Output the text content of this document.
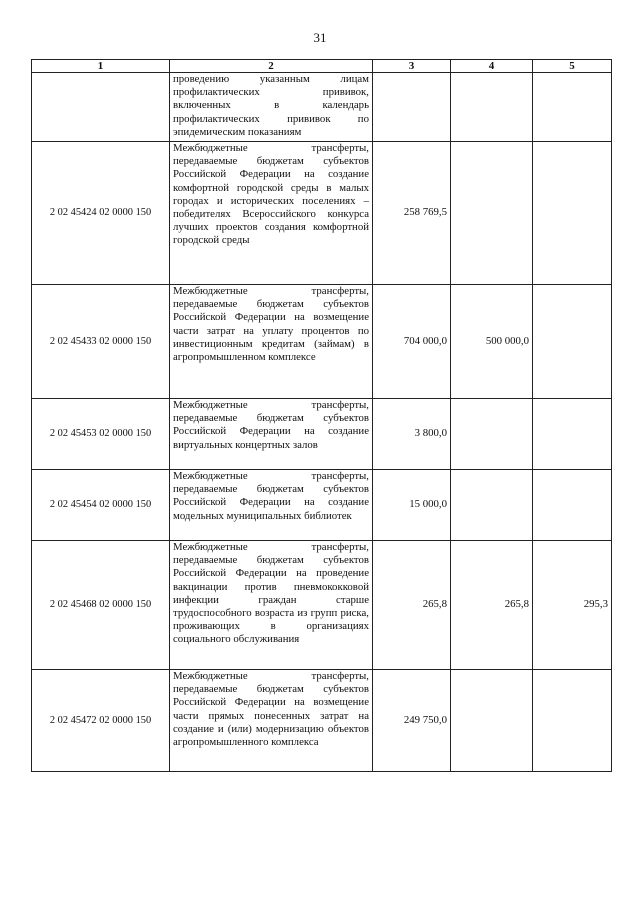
31
1	2	3	4	5
	проведению указанным лицам профилактических прививок, включенных в календарь профилактических прививок по эпидемическим показаниям			
2 02 45424 02 0000 150	Межбюджетные трансферты, передаваемые бюджетам субъектов Российской Федерации на создание комфортной городской среды в малых городах и исторических поселениях – победителях Всероссийского конкурса лучших проектов создания комфортной городской среды	258 769,5		
2 02 45433 02 0000 150	Межбюджетные трансферты, передаваемые бюджетам субъектов Российской Федерации на возмещение части затрат на уплату процентов по инвестиционным кредитам (займам) в агропромышленном комплексе	704 000,0	500 000,0	
2 02 45453 02 0000 150	Межбюджетные трансферты, передаваемые бюджетам субъектов Российской Федерации на создание виртуальных концертных залов	3 800,0		
2 02 45454 02 0000 150	Межбюджетные трансферты, передаваемые бюджетам субъектов Российской Федерации на создание модельных муниципальных библиотек	15 000,0		
2 02 45468 02 0000 150	Межбюджетные трансферты, передаваемые бюджетам субъектов Российской Федерации на проведение вакцинации против пневмококковой инфекции граждан старше трудоспособного возраста из групп риска, проживающих в организациях социального обслуживания	265,8	265,8	295,3
2 02 45472 02 0000 150	Межбюджетные трансферты, передаваемые бюджетам субъектов Российской Федерации на возмещение части прямых понесенных затрат на создание и (или) модернизацию объектов агропромышленного комплекса	249 750,0		
